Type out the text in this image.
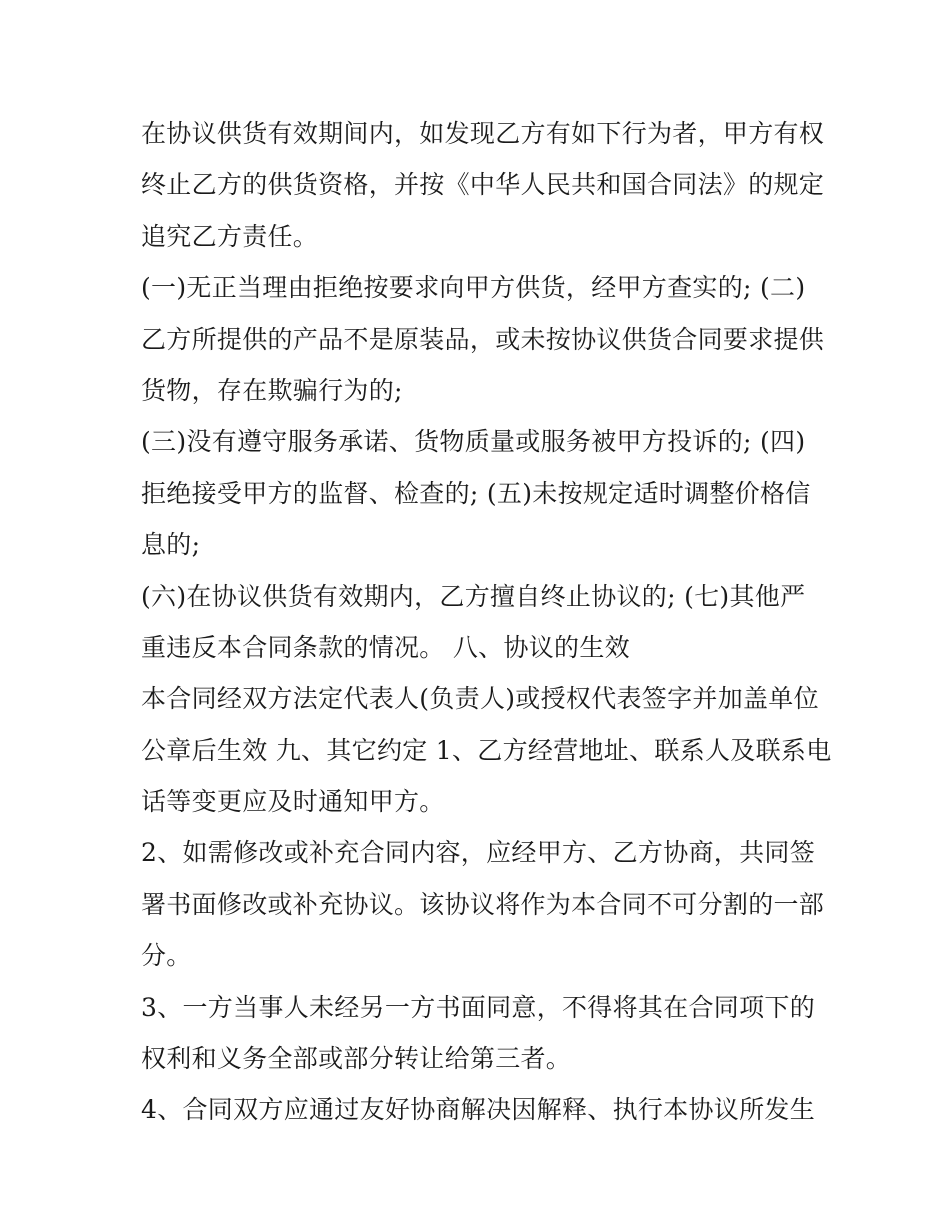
在协议供货有效期间内，如发现乙方有如下行为者，甲方有权
终止乙方的供货资格，并按《中华人民共和国合同法》的规定
追究乙方责任。
(一)无正当理由拒绝按要求向甲方供货，经甲方查实的; (二)
乙方所提供的产品不是原装品，或未按协议供货合同要求提供
货物，存在欺骗行为的;
(三)没有遵守服务承诺、货物质量或服务被甲方投诉的; (四)
拒绝接受甲方的监督、检查的; (五)未按规定适时调整价格信
息的;
(六)在协议供货有效期内，乙方擅自终止协议的; (七)其他严
重违反本合同条款的情况。 八、协议的生效
本合同经双方法定代表人(负责人)或授权代表签字并加盖单位
公章后生效 九、其它约定 1、乙方经营地址、联系人及联系电
话等变更应及时通知甲方。
2、如需修改或补充合同内容，应经甲方、乙方协商，共同签
署书面修改或补充协议。该协议将作为本合同不可分割的一部
分。
3、一方当事人未经另一方书面同意，不得将其在合同项下的
权利和义务全部或部分转让给第三者。
4、合同双方应通过友好协商解决因解释、执行本协议所发生
